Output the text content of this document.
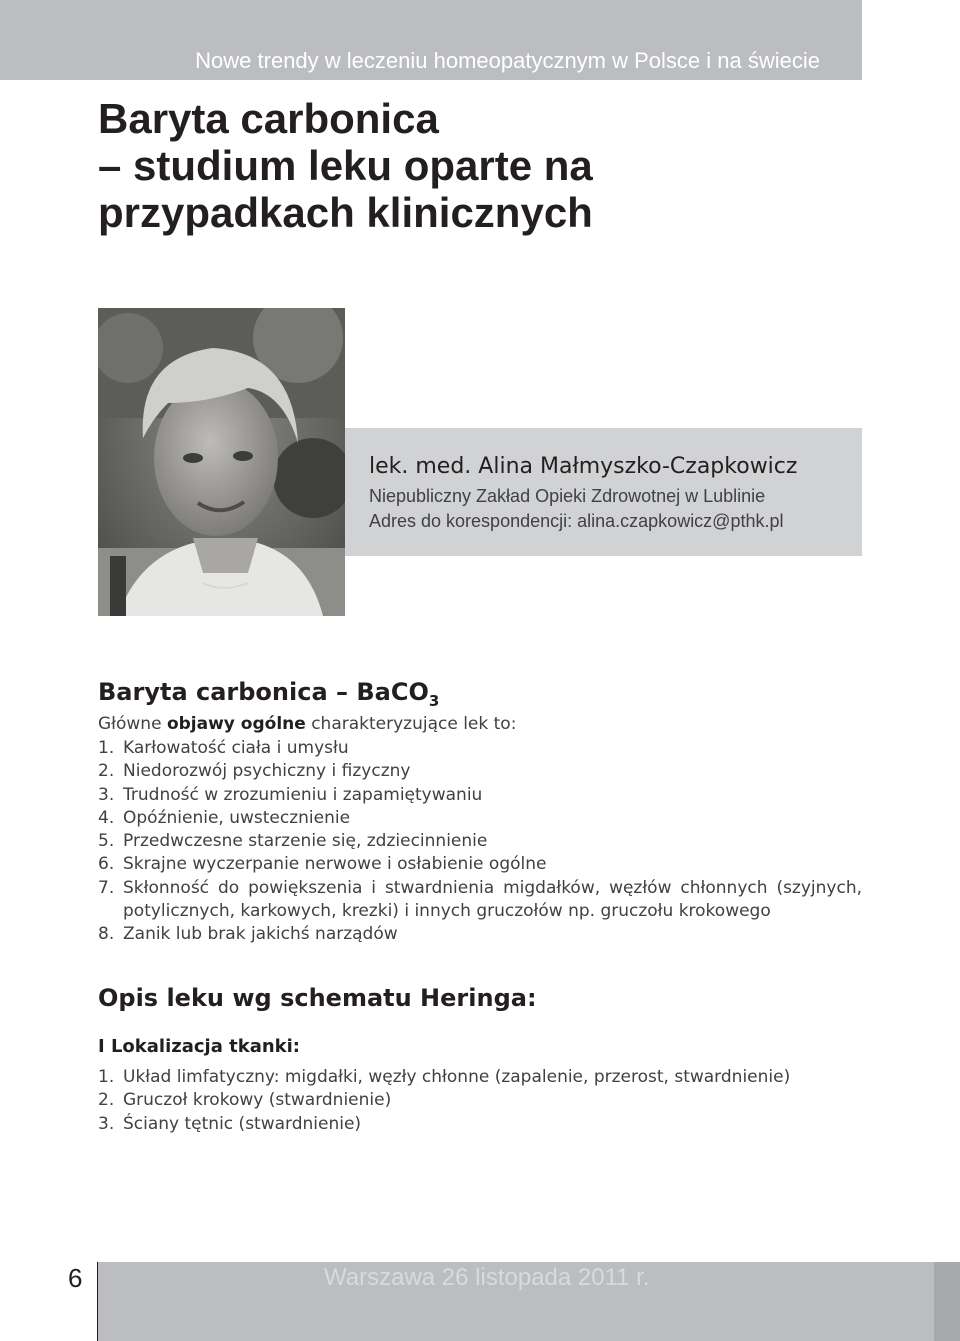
Nowe trendy w leczeniu homeopatycznym w Polsce i na świecie
Baryta carbonica
– studium leku oparte na
przypadkach klinicznych
lek. med. Alina Małmyszko-Czapkowicz
Niepubliczny Zakład Opieki Zdrowotnej w Lublinie
Adres do korespondencji: alina.czapkowicz@pthk.pl
Baryta carbonica – BaCO$_3$
Główne objawy ogólne charakteryzujące lek to:
1. Karłowatość ciała i umysłu
2. Niedorozwój psychiczny i fizyczny
3. Trudność w zrozumieniu i zapamiętywaniu
4. Opóźnienie, uwstecznienie
5. Przedwczesne starzenie się, zdziecinnienie
6. Skrajne wyczerpanie nerwowe i osłabienie ogólne
7. Skłonność do powiększenia i stwardnienia migdałków, węzłów chłonnych (szyjnych, potylicznych, karkowych, krezki) i innych gruczołów np. gruczołu krokowego
8. Zanik lub brak jakichś narządów
Opis leku wg schematu Heringa:
I Lokalizacja tkanki:
1. Układ limfatyczny: migdałki, węzły chłonne (zapalenie, przerost, stwardnienie)
2. Gruczoł krokowy (stwardnienie)
3. Ściany tętnic (stwardnienie)
6	Warszawa 26 listopada 2011 r.
